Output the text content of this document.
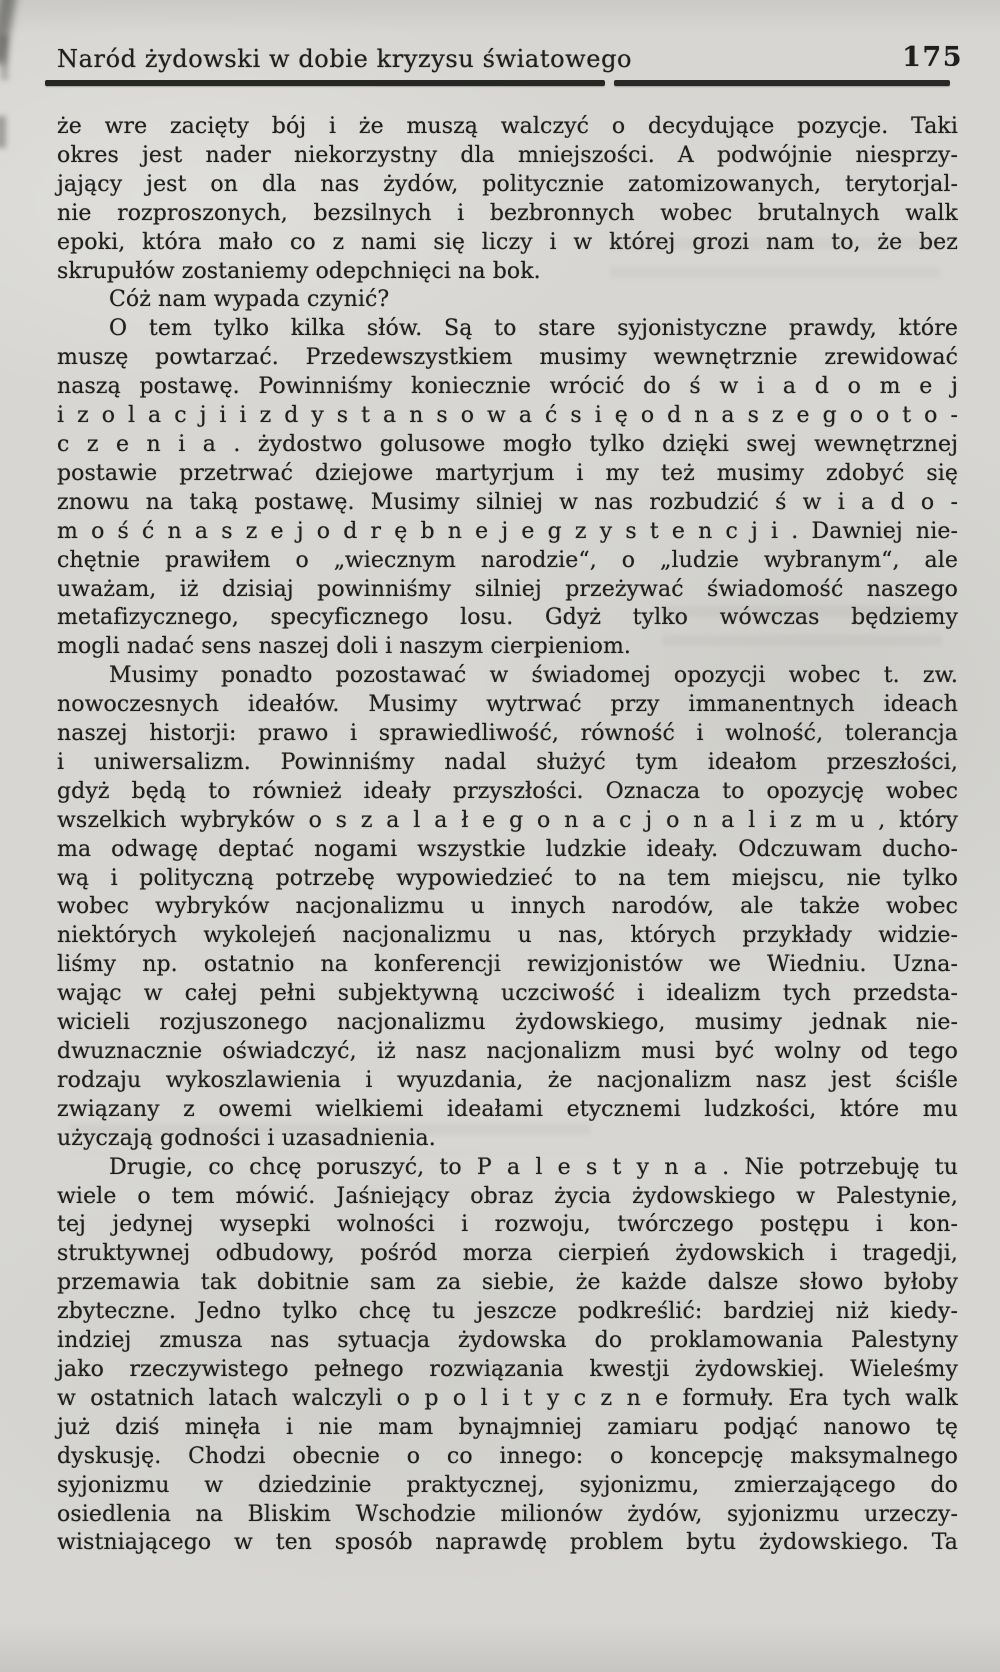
Naród żydowski w dobie kryzysu światowego	175
że wre zacięty bój i że muszą walczyć o decydujące pozycje. Taki
okres jest nader niekorzystny dla mniejszości. A podwójnie niesprzy-
jający jest on dla nas żydów, politycznie zatomizowanych, terytorjal-
nie rozproszonych, bezsilnych i bezbronnych wobec brutalnych walk
epoki, która mało co z nami się liczy i w której grozi nam to, że bez
skrupułów zostaniemy odepchnięci na bok.
Cóż nam wypada czynić?
O tem tylko kilka słów. Są to stare syjonistyczne prawdy, które
muszę powtarzać. Przedewszystkiem musimy wewnętrznie zrewidować
naszą postawę. Powinniśmy koniecznie wrócić do ś w i a d o m e j
i z o l a c j i i z d y s t a n s o w a ć s i ę o d n a s z e g o o t o -
c z e n i a . żydostwo golusowe mogło tylko dzięki swej wewnętrznej
postawie przetrwać dziejowe martyrjum i my też musimy zdobyć się
znowu na taką postawę. Musimy silniej w nas rozbudzić ś w i a d o -
m o ś ć n a s z e j o d r ę b n e j e g z y s t e n c j i . Dawniej nie-
chętnie prawiłem o „wiecznym narodzie“, o „ludzie wybranym“, ale
uważam, iż dzisiaj powinniśmy silniej przeżywać świadomość naszego
metafizycznego, specyficznego losu. Gdyż tylko wówczas będziemy
mogli nadać sens naszej doli i naszym cierpieniom.
Musimy ponadto pozostawać w świadomej opozycji wobec t. zw.
nowoczesnych ideałów. Musimy wytrwać przy immanentnych ideach
naszej historji: prawo i sprawiedliwość, równość i wolność, tolerancja
i uniwersalizm. Powinniśmy nadal służyć tym ideałom przeszłości,
gdyż będą to również ideały przyszłości. Oznacza to opozycję wobec
wszelkich wybryków o s z a l a ł e g o n a c j o n a l i z m u , który
ma odwagę deptać nogami wszystkie ludzkie ideały. Odczuwam ducho-
wą i polityczną potrzebę wypowiedzieć to na tem miejscu, nie tylko
wobec wybryków nacjonalizmu u innych narodów, ale także wobec
niektórych wykolejeń nacjonalizmu u nas, których przykłady widzie-
liśmy np. ostatnio na konferencji rewizjonistów we Wiedniu. Uzna-
wając w całej pełni subjektywną uczciwość i idealizm tych przedsta-
wicieli rozjuszonego nacjonalizmu żydowskiego, musimy jednak nie-
dwuznacznie oświadczyć, iż nasz nacjonalizm musi być wolny od tego
rodzaju wykoszlawienia i wyuzdania, że nacjonalizm nasz jest ściśle
związany z owemi wielkiemi ideałami etycznemi ludzkości, które mu
użyczają godności i uzasadnienia.
Drugie, co chcę poruszyć, to P a l e s t y n a . Nie potrzebuję tu
wiele o tem mówić. Jaśniejący obraz życia żydowskiego w Palestynie,
tej jedynej wysepki wolności i rozwoju, twórczego postępu i kon-
struktywnej odbudowy, pośród morza cierpień żydowskich i tragedji,
przemawia tak dobitnie sam za siebie, że każde dalsze słowo byłoby
zbyteczne. Jedno tylko chcę tu jeszcze podkreślić: bardziej niż kiedy-
indziej zmusza nas sytuacja żydowska do proklamowania Palestyny
jako rzeczywistego pełnego rozwiązania kwestji żydowskiej. Wieleśmy
w ostatnich latach walczyli o p o l i t y c z n e formuły. Era tych walk
już dziś minęła i nie mam bynajmniej zamiaru podjąć nanowo tę
dyskusję. Chodzi obecnie o co innego: o koncepcję maksymalnego
syjonizmu w dziedzinie praktycznej, syjonizmu, zmierzającego do
osiedlenia na Bliskim Wschodzie milionów żydów, syjonizmu urzeczy-
wistniającego w ten sposób naprawdę problem bytu żydowskiego. Ta
